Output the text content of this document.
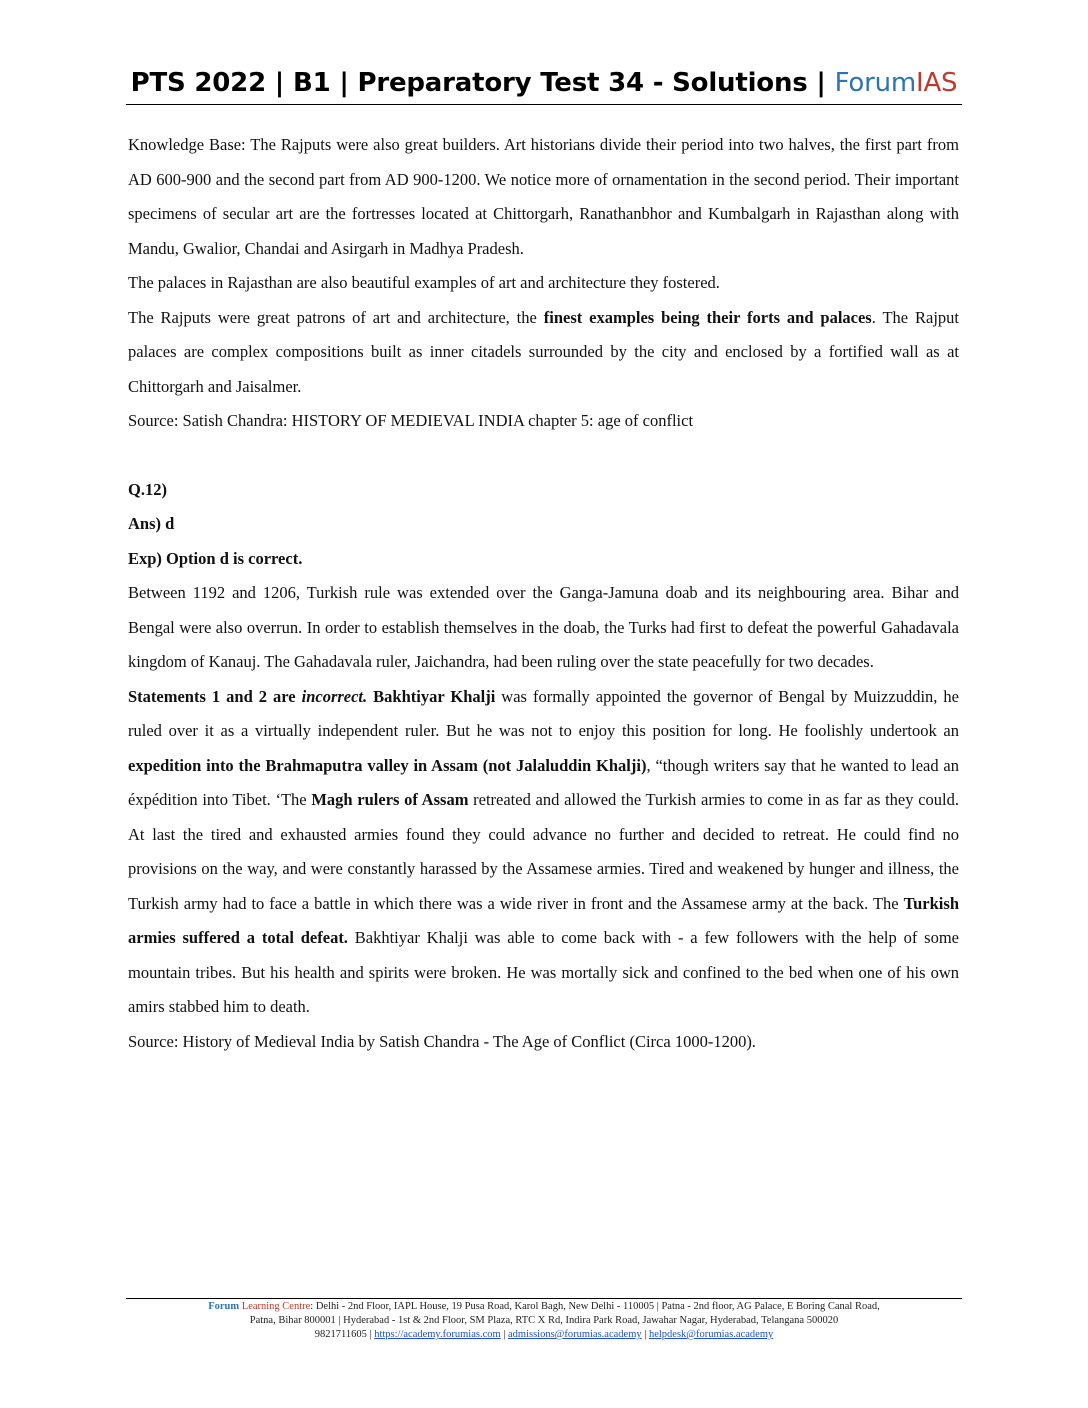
PTS 2022 | B1 | Preparatory Test 34 - Solutions | ForumIAS

Knowledge Base: The Rajputs were also great builders. Art historians divide their period into two halves, the first part from AD 600-900 and the second part from AD 900-1200. We notice more of ornamentation in the second period. Their important specimens of secular art are the fortresses located at Chittorgarh, Ranathanbhor and Kumbalgarh in Rajasthan along with Mandu, Gwalior, Chandai and Asirgarh in Madhya Pradesh.

The palaces in Rajasthan are also beautiful examples of art and architecture they fostered.

The Rajputs were great patrons of art and architecture, the finest examples being their forts and palaces. The Rajput palaces are complex compositions built as inner citadels surrounded by the city and enclosed by a fortified wall as at Chittorgarh and Jaisalmer.

Source: Satish Chandra: HISTORY OF MEDIEVAL INDIA chapter 5: age of conflict

Q.12)

Ans) d

Exp) Option d is correct.

Between 1192 and 1206, Turkish rule was extended over the Ganga-Jamuna doab and its neighbouring area. Bihar and Bengal were also overrun. In order to establish themselves in the doab, the Turks had first to defeat the powerful Gahadavala kingdom of Kanauj. The Gahadavala ruler, Jaichandra, had been ruling over the state peacefully for two decades.

Statements 1 and 2 are incorrect. Bakhtiyar Khalji was formally appointed the governor of Bengal by Muizzuddin, he ruled over it as a virtually independent ruler. But he was not to enjoy this position for long. He foolishly undertook an expedition into the Brahmaputra valley in Assam (not Jalaluddin Khalji), “though writers say that he wanted to lead an éxpédition into Tibet. ‘The Magh rulers of Assam retreated and allowed the Turkish armies to come in as far as they could. At last the tired and exhausted armies found they could advance no further and decided to retreat. He could find no provisions on the way, and were constantly harassed by the Assamese armies. Tired and weakened by hunger and illness, the Turkish army had to face a battle in which there was a wide river in front and the Assamese army at the back. The Turkish armies suffered a total defeat. Bakhtiyar Khalji was able to come back with - a few followers with the help of some mountain tribes. But his health and spirits were broken. He was mortally sick and confined to the bed when one of his own amirs stabbed him to death.

Source: History of Medieval India by Satish Chandra - The Age of Conflict (Circa 1000-1200).

Forum Learning Centre: Delhi - 2nd Floor, IAPL House, 19 Pusa Road, Karol Bagh, New Delhi - 110005 | Patna - 2nd floor, AG Palace, E Boring Canal Road,
Patna, Bihar 800001 | Hyderabad - 1st & 2nd Floor, SM Plaza, RTC X Rd, Indira Park Road, Jawahar Nagar, Hyderabad, Telangana 500020
9821711605 | https://academy.forumias.com | admissions@forumias.academy | helpdesk@forumias.academy
